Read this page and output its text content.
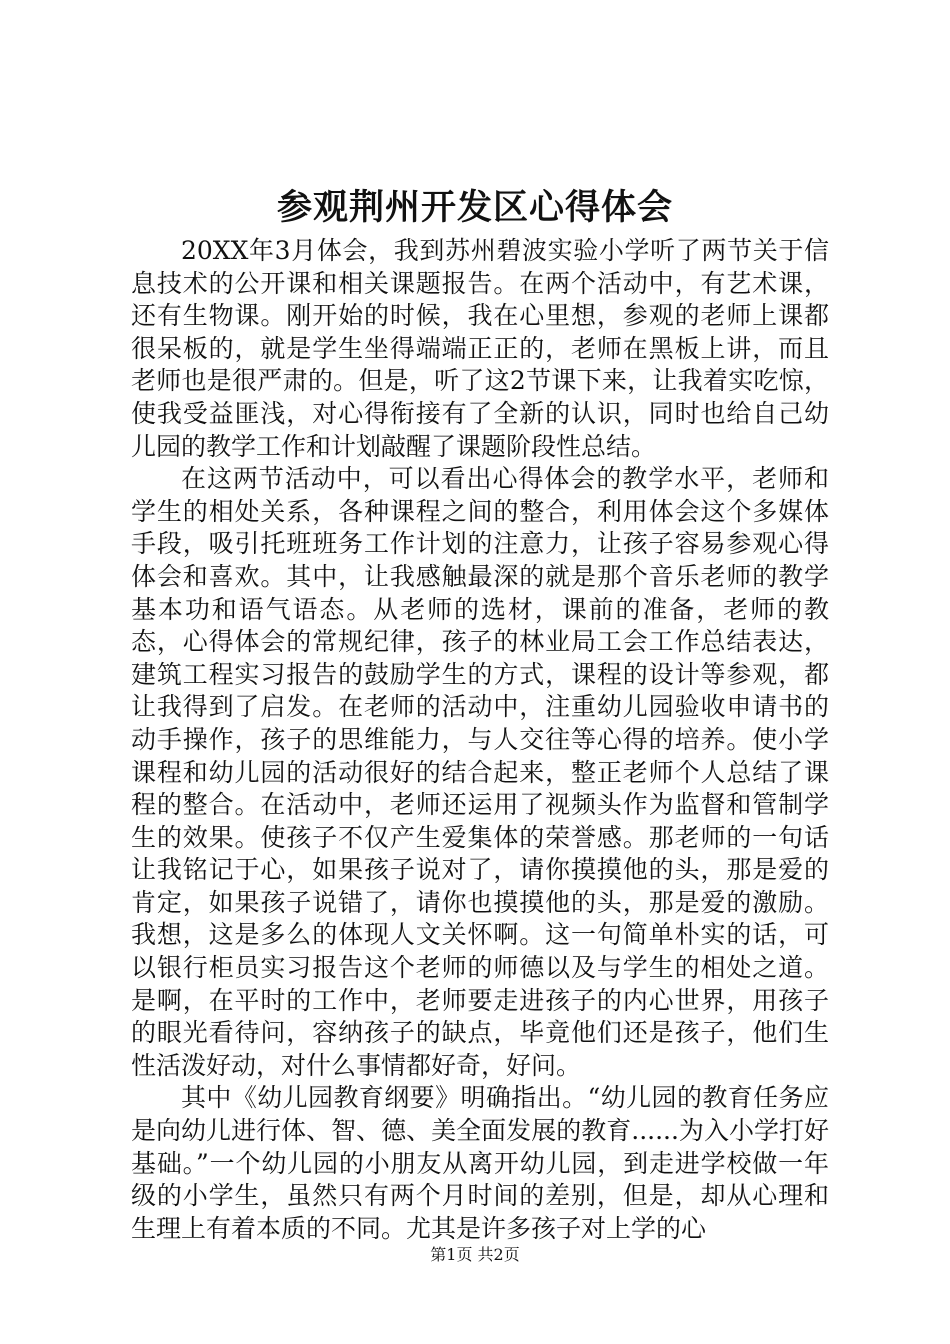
参观荆州开发区心得体会

20XX年3月体会，我到苏州碧波实验小学听了两节关于信息技术的公开课和相关课题报告。在两个活动中，有艺术课，还有生物课。刚开始的时候，我在心里想，参观的老师上课都很呆板的，就是学生坐得端端正正的，老师在黑板上讲，而且老师也是很严肃的。但是，听了这2节课下来，让我着实吃惊，使我受益匪浅，对心得衔接有了全新的认识，同时也给自己幼儿园的教学工作和计划敲醒了课题阶段性总结。

在这两节活动中，可以看出心得体会的教学水平，老师和学生的相处关系，各种课程之间的整合，利用体会这个多媒体手段，吸引托班班务工作计划的注意力，让孩子容易参观心得体会和喜欢。其中，让我感触最深的就是那个音乐老师的教学基本功和语气语态。从老师的选材，课前的准备，老师的教态，心得体会的常规纪律，孩子的林业局工会工作总结表达，建筑工程实习报告的鼓励学生的方式，课程的设计等参观，都让我得到了启发。在老师的活动中，注重幼儿园验收申请书的动手操作，孩子的思维能力，与人交往等心得的培养。使小学课程和幼儿园的活动很好的结合起来，整正老师个人总结了课程的整合。在活动中，老师还运用了视频头作为监督和管制学生的效果。使孩子不仅产生爱集体的荣誉感。那老师的一句话让我铭记于心，如果孩子说对了，请你摸摸他的头，那是爱的肯定，如果孩子说错了，请你也摸摸他的头，那是爱的激励。我想，这是多么的体现人文关怀啊。这一句简单朴实的话，可以银行柜员实习报告这个老师的师德以及与学生的相处之道。是啊，在平时的工作中，老师要走进孩子的内心世界，用孩子的眼光看待问，容纳孩子的缺点，毕竟他们还是孩子，他们生性活泼好动，对什么事情都好奇，好问。

其中《幼儿园教育纲要》明确指出。“幼儿园的教育任务应是向幼儿进行体、智、德、美全面发展的教育......为入小学打好基础。”一个幼儿园的小朋友从离开幼儿园，到走进学校做一年级的小学生，虽然只有两个月时间的差别，但是，却从心理和生理上有着本质的不同。尤其是许多孩子对上学的心

第1页 共2页
